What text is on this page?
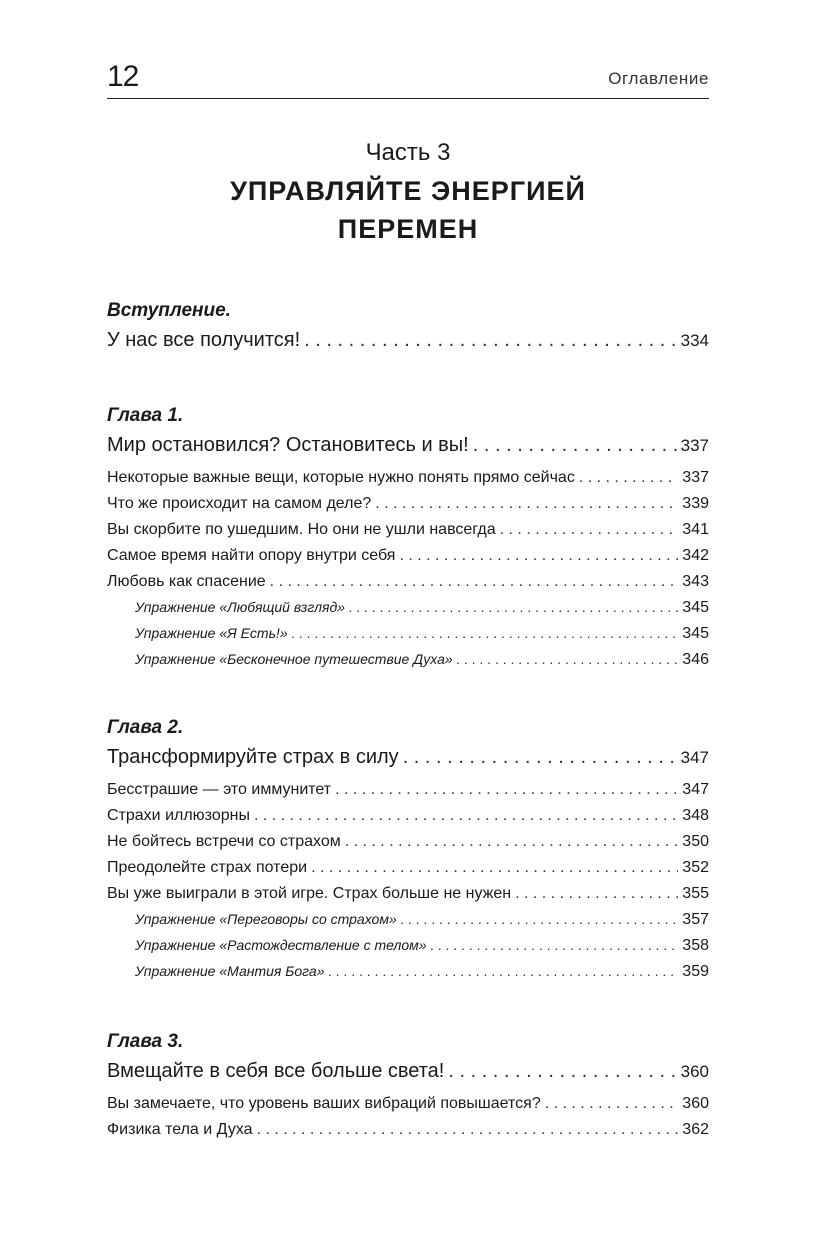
12	Оглавление
Часть 3
УПРАВЛЯЙТЕ ЭНЕРГИЕЙ
ПЕРЕМЕН
Вступление.
У нас все получится! . . .	334
Глава 1.
Мир остановился? Остановитесь и вы! . . .	337
Некоторые важные вещи, которые нужно понять прямо сейчас . . .	337
Что же происходит на самом деле? . . .	339
Вы скорбите по ушедшим. Но они не ушли навсегда . . .	341
Самое время найти опору внутри себя . . .	342
Любовь как спасение . . .	343
Упражнение «Любящий взгляд» . . .	345
Упражнение «Я Есть!» . . .	345
Упражнение «Бесконечное путешествие Духа» . . .	346
Глава 2.
Трансформируйте страх в силу . . .	347
Бесстрашие — это иммунитет . . .	347
Страхи иллюзорны . . .	348
Не бойтесь встречи со страхом . . .	350
Преодолейте страх потери . . .	352
Вы уже выиграли в этой игре. Страх больше не нужен . . .	355
Упражнение «Переговоры со страхом» . . .	357
Упражнение «Растождествление с телом» . . .	358
Упражнение «Мантия Бога» . . .	359
Глава 3.
Вмещайте в себя все больше света! . . .	360
Вы замечаете, что уровень ваших вибраций повышается? . . .	360
Физика тела и Духа . . .	362
